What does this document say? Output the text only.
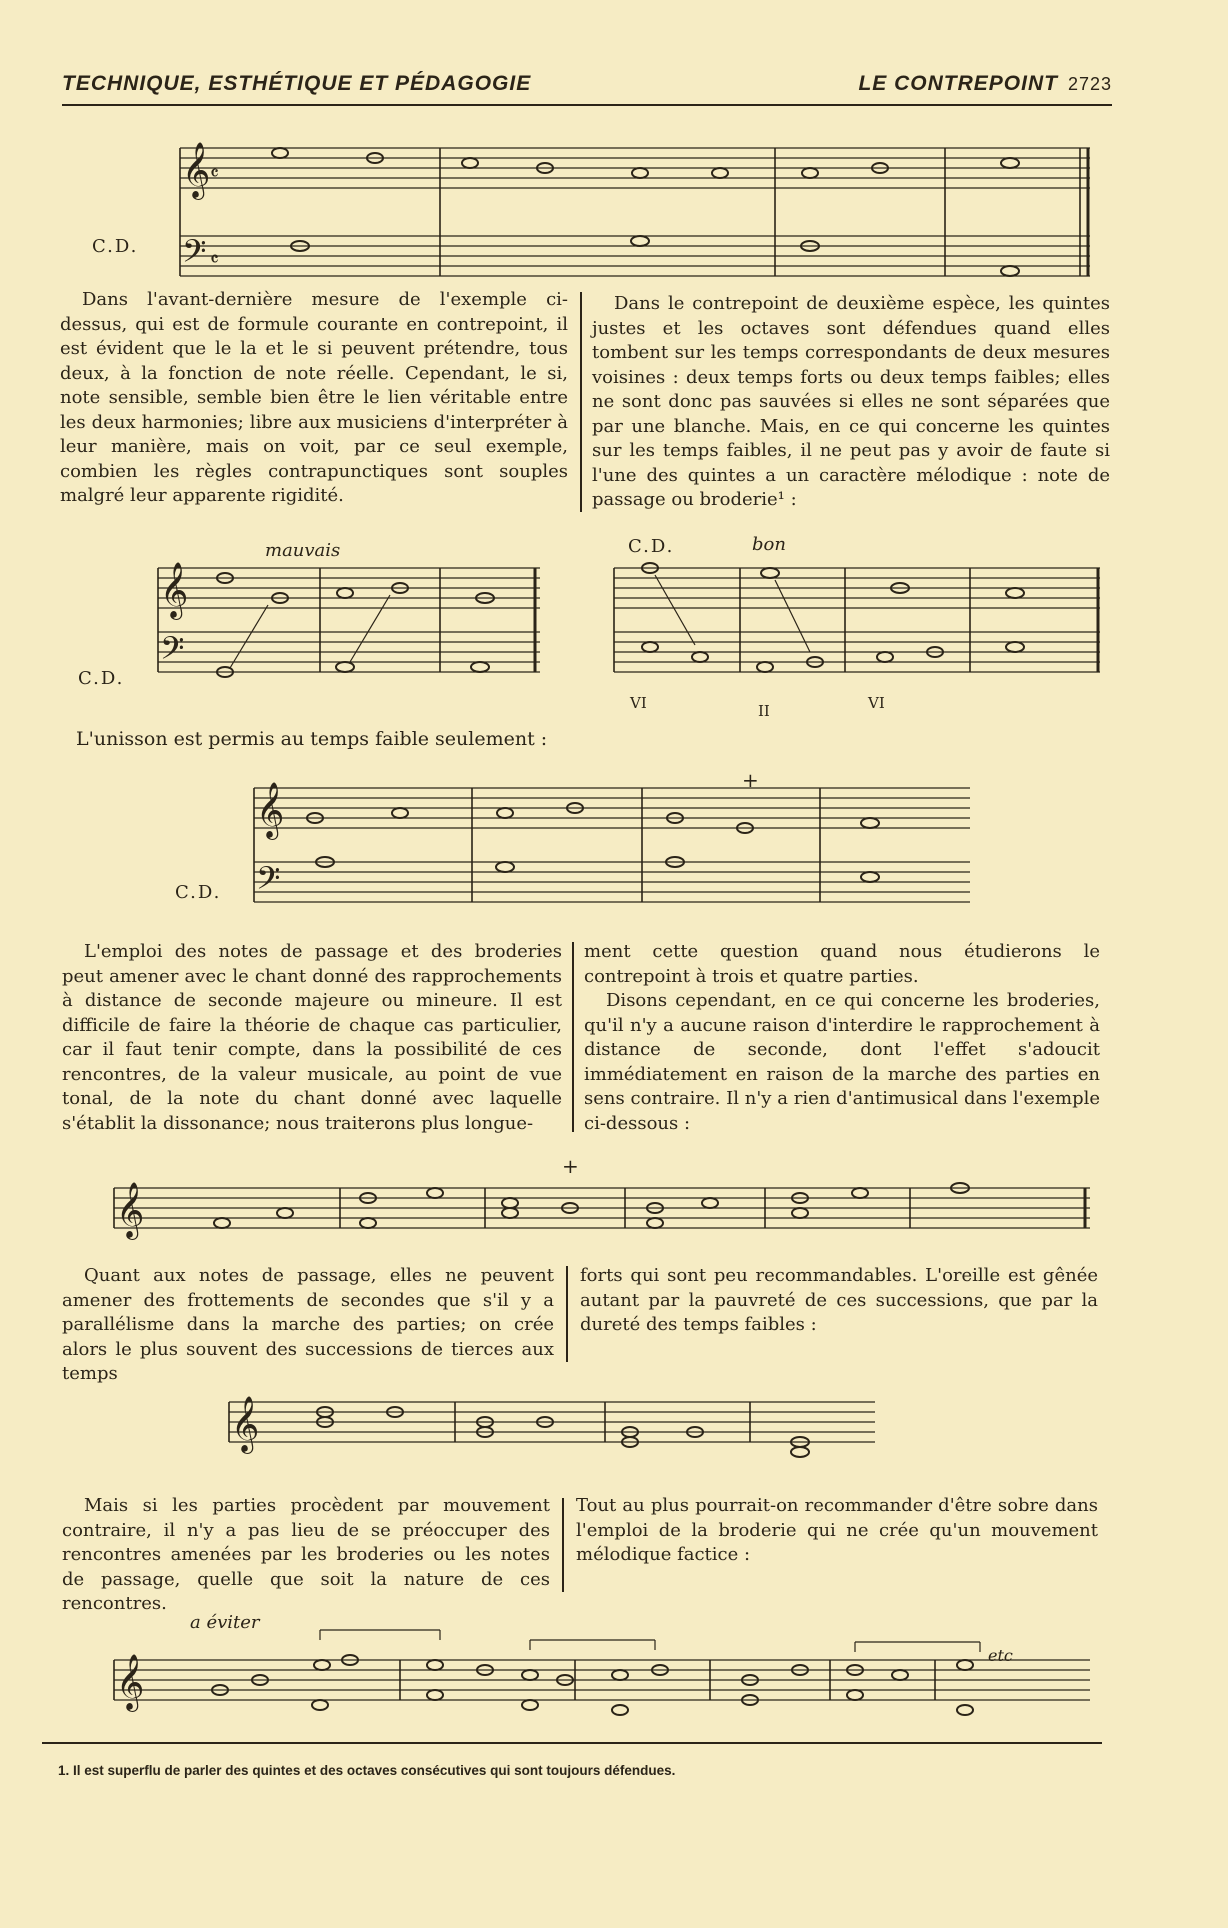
TECHNIQUE, ESTHÉTIQUE ET PÉDAGOGIE	LE CONTREPOINT 2723
C.D.
𝄞
𝄢
𝄴
𝄴

Dans l'avant-dernière mesure de l'exemple ci-dessus, qui est de formule courante en contrepoint, il est évident que le la et le si peuvent prétendre, tous deux, à la fonction de note réelle. Cependant, le si, note sensible, semble bien être le lien véritable entre les deux harmonies; libre aux musiciens d'interpréter à leur manière, mais on voit, par ce seul exemple, combien les règles contrapunctiques sont souples malgré leur apparente rigidité.

Dans le contrepoint de deuxième espèce, les quintes justes et les octaves sont défendues quand elles tombent sur les temps correspondants de deux mesures voisines : deux temps forts ou deux temps faibles; elles ne sont donc pas sauvées si elles ne sont séparées que par une blanche. Mais, en ce qui concerne les quintes sur les temps faibles, il ne peut pas y avoir de faute si l'une des quintes a un caractère mélodique : note de passage ou broderie¹ :

mauvais
C.D.
𝄞
𝄢
C.D.	bon
VI	II	VI
L'unisson est permis au temps faible seulement :
+
C.D.
𝄞
𝄢

L'emploi des notes de passage et des broderies peut amener avec le chant donné des rapprochements à distance de seconde majeure ou mineure. Il est difficile de faire la théorie de chaque cas particulier, car il faut tenir compte, dans la possibilité de ces rencontres, de la valeur musicale, au point de vue tonal, de la note du chant donné avec laquelle s'établit la dissonance; nous traiterons plus longue-

ment cette question quand nous étudierons le contrepoint à trois et quatre parties.

Disons cependant, en ce qui concerne les broderies, qu'il n'y a aucune raison d'interdire le rapprochement à distance de seconde, dont l'effet s'adoucit immédiatement en raison de la marche des parties en sens contraire. Il n'y a rien d'antimusical dans l'exemple ci-dessous :

+
𝄞

Quant aux notes de passage, elles ne peuvent amener des frottements de secondes que s'il y a parallélisme dans la marche des parties; on crée alors le plus souvent des successions de tierces aux temps

forts qui sont peu recommandables. L'oreille est gênée autant par la pauvreté de ces successions, que par la dureté des temps faibles :

𝄞

Mais si les parties procèdent par mouvement contraire, il n'y a pas lieu de se préoccuper des rencontres amenées par les broderies ou les notes de passage, quelle que soit la nature de ces rencontres.

Tout au plus pourrait-on recommander d'être sobre dans l'emploi de la broderie qui ne crée qu'un mouvement mélodique factice :

a éviter
etc
𝄞
1. Il est superflu de parler des quintes et des octaves consécutives qui sont toujours défendues.
